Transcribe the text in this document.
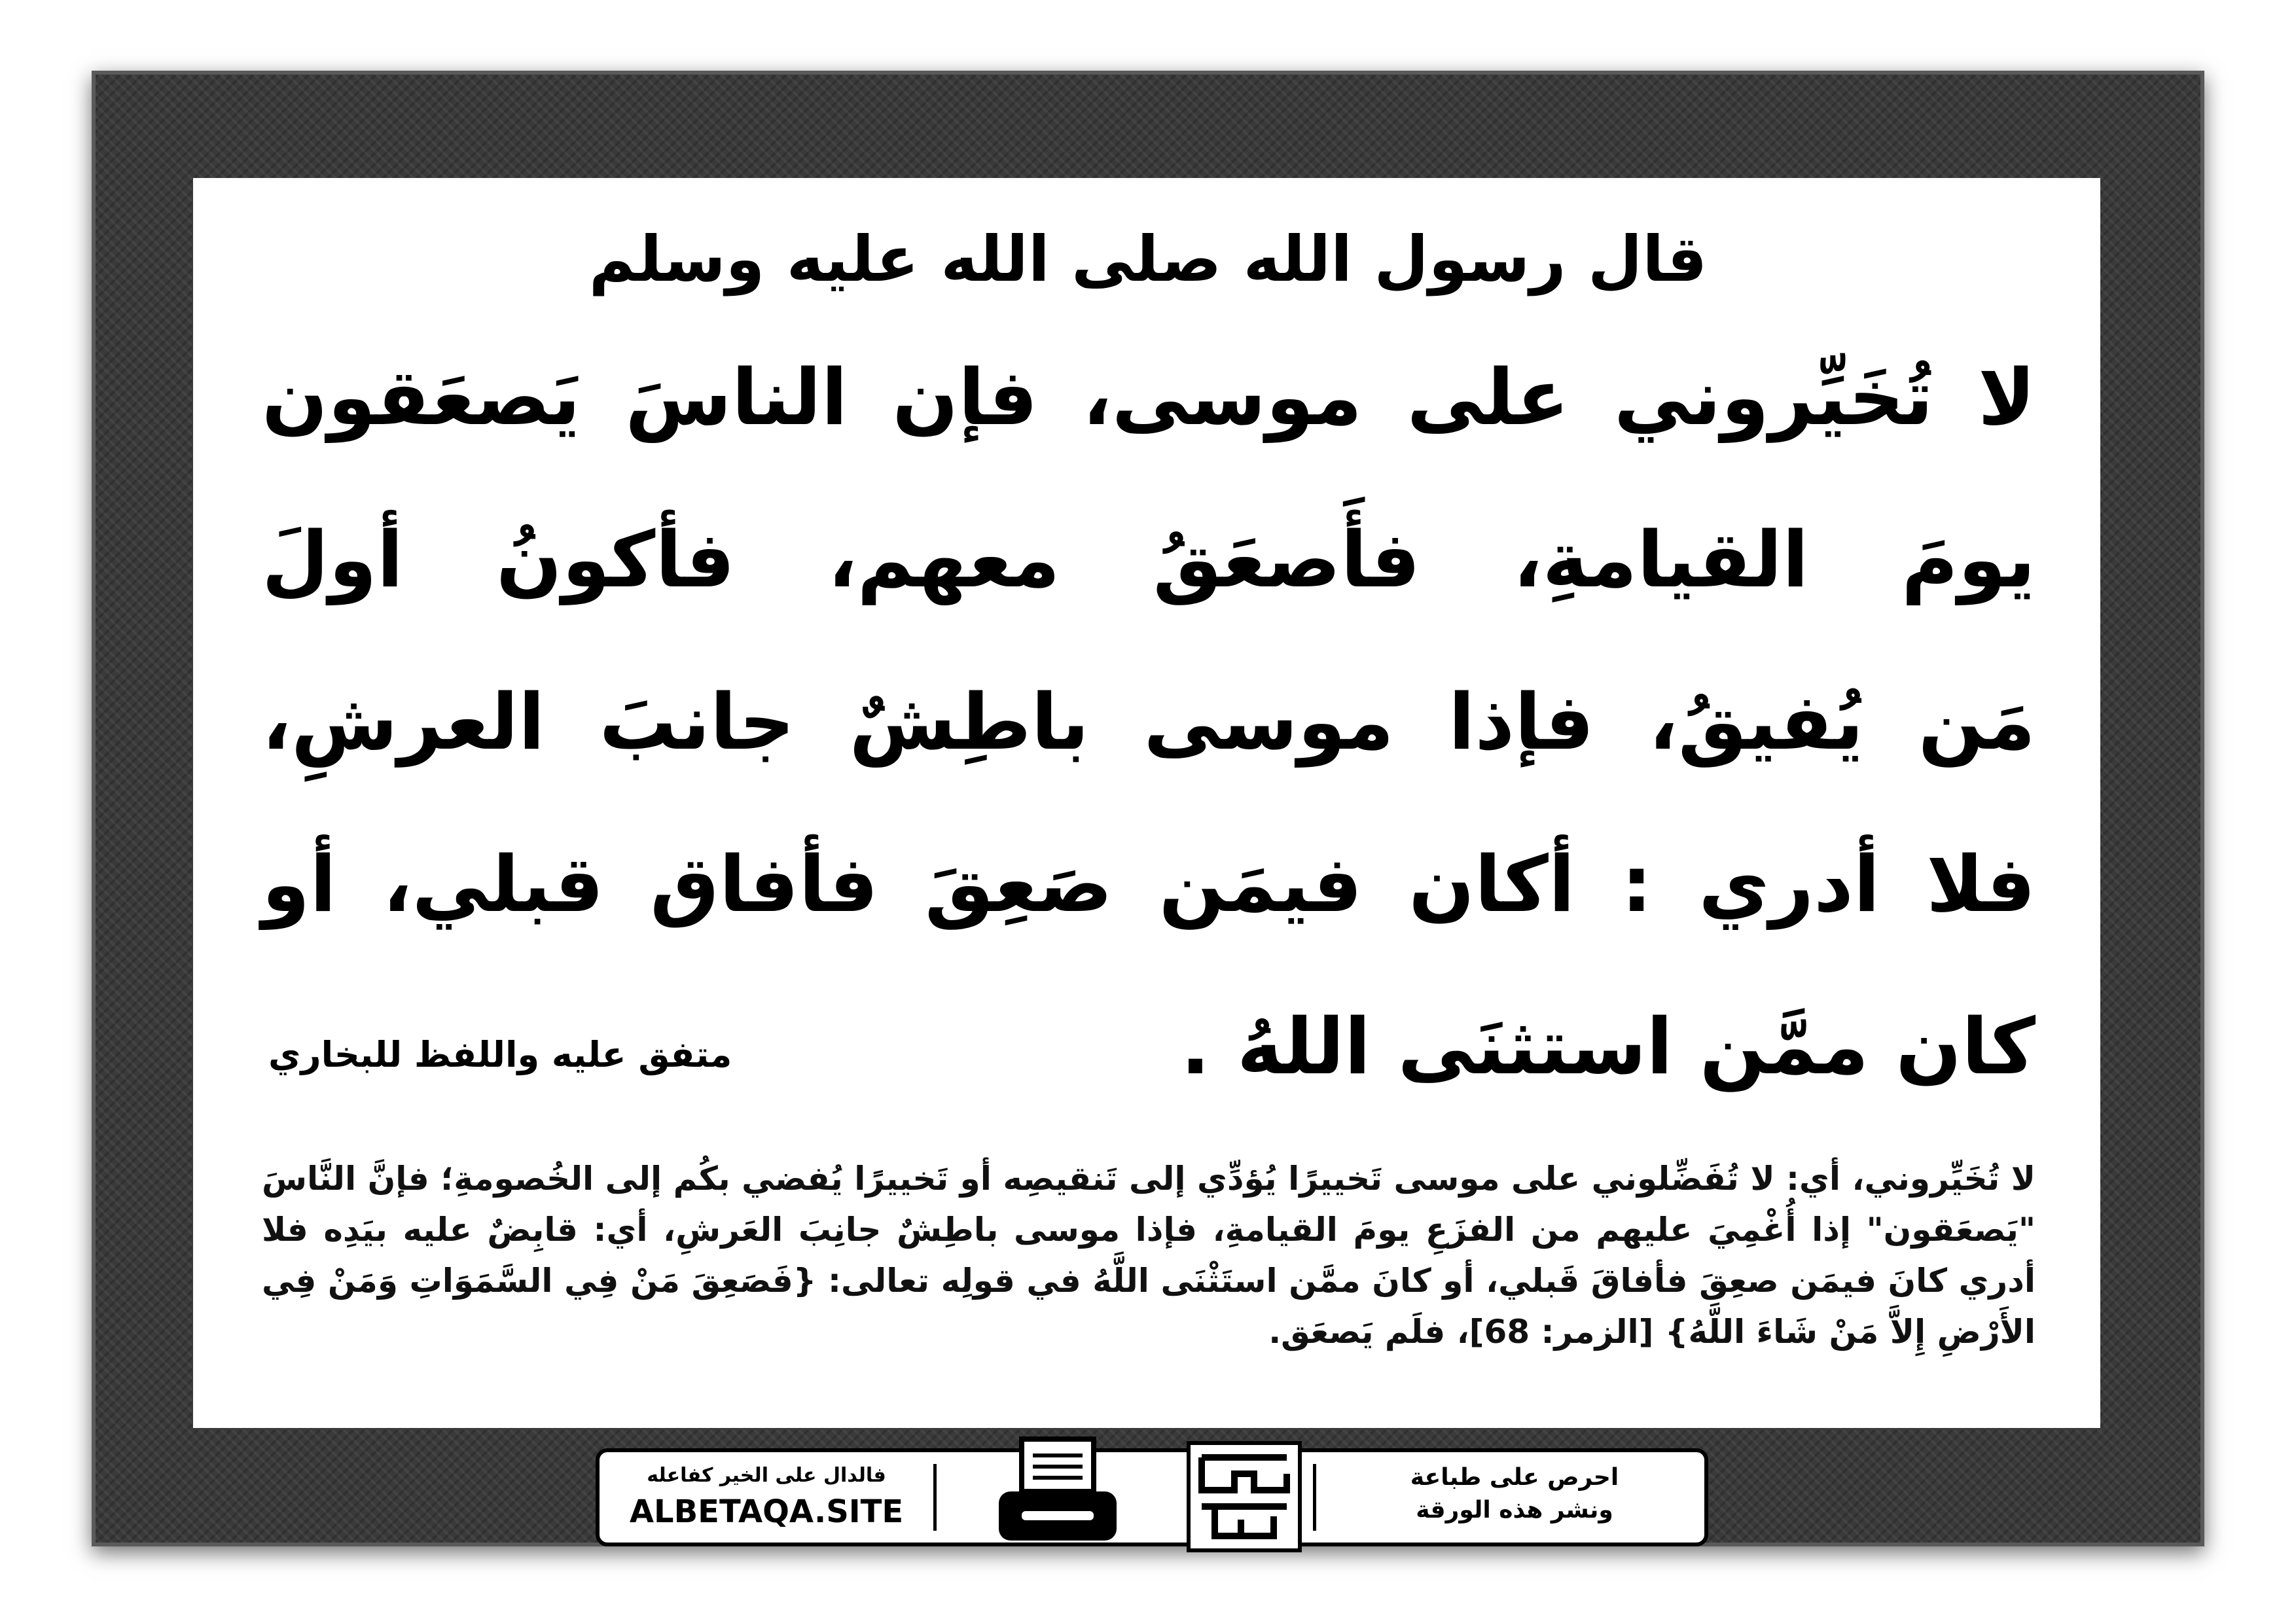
قال رسول الله صلى الله عليه وسلم
لا تُخَيِّروني على موسى، فإن الناسَ يَصعَقون
يومَ القيامةِ، فأَصعَقُ معهم، فأكونُ أولَ
مَن يُفيقُ، فإذا موسى باطِشٌ جانبَ العرشِ،
فلا أدري : أكان فيمَن صَعِقَ فأفاق قبلي، أو
كان ممَّن استثنَى اللهُ .
متفق عليه واللفظ للبخاري
لا تُخَيِّروني، أي: لا تُفَضِّلوني على موسى تَخييرًا يُؤدِّي إلى تَنقيصِه أو تَخييرًا يُفضي بكُم إلى الخُصومةِ؛ فإنَّ النَّاسَ "يَصعَقون" إذا أُغْمِيَ عليهم من الفزَعِ يومَ القيامةِ، فإذا موسى باطِشٌ جانِبَ العَرشِ، أي: قابِضٌ عليه بيَدِه فلا أدري كانَ فيمَن صعِقَ فأفاقَ قَبلي، أو كانَ ممَّن استَثْنَى اللَّهُ في قولِه تعالى: {فَصَعِقَ مَنْ فِي السَّمَوَاتِ وَمَنْ فِي الأَرْضِ إِلاَّ مَنْ شَاءَ اللَّهُ} [الزمر: 68]، فلَم يَصعَق.
فالدال على الخير كفاعله
ALBETAQA.SITE
احرص على طباعة
ونشر هذه الورقة
